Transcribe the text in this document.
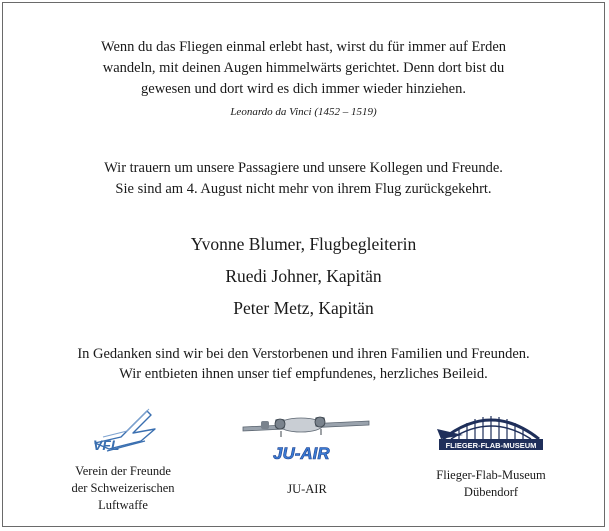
Wenn du das Fliegen einmal erlebt hast, wirst du für immer auf Erden
wandeln, mit deinen Augen himmelwärts gerichtet. Denn dort bist du
gewesen und dort wird es dich immer wieder hinziehen.
Leonardo da Vinci (1452 – 1519)
Wir trauern um unsere Passagiere und unsere Kollegen und Freunde.
Sie sind am 4. August nicht mehr von ihrem Flug zurückgekehrt.
Yvonne Blumer, Flugbegleiterin
Ruedi Johner, Kapitän
Peter Metz, Kapitän
In Gedanken sind wir bei den Verstorbenen und ihren Familien und Freunden.
Wir entbieten ihnen unser tief empfundenes, herzliches Beileid.
VFL
Verein der Freunde
der Schweizerischen
Luftwaffe
JU-AIR
JU-AIR
FLIEGER-FLAB-MUSEUM
Flieger-Flab-Museum
Dübendorf
